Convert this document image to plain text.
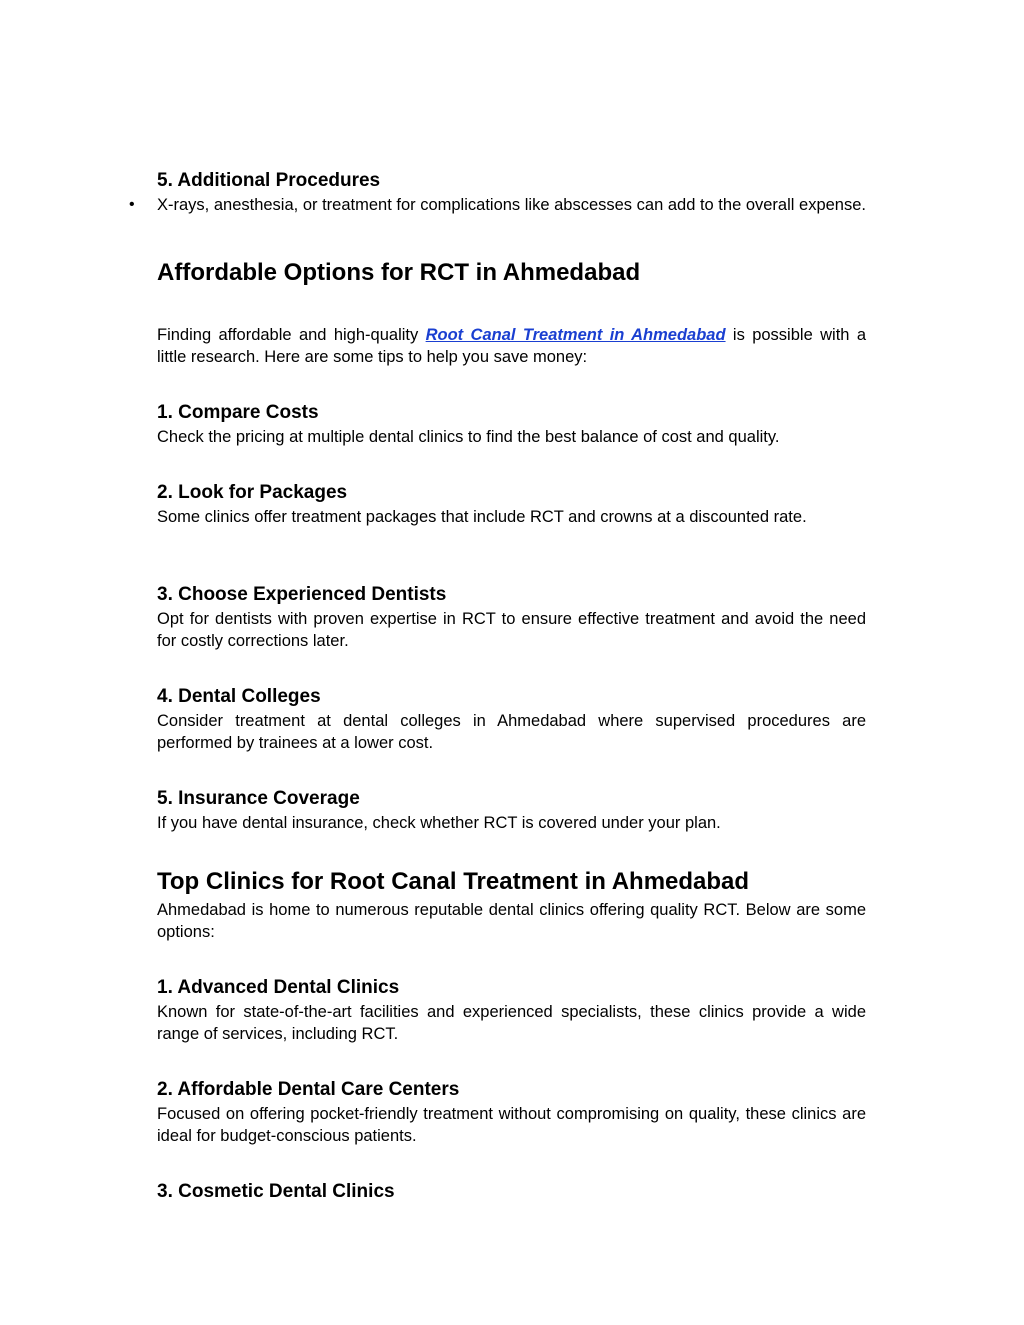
5. Additional Procedures
• X-rays, anesthesia, or treatment for complications like abscesses can add to the overall expense.
Affordable Options for RCT in Ahmedabad

Finding affordable and high-quality Root Canal Treatment in Ahmedabad is possible with a little research. Here are some tips to help you save money:

1. Compare Costs

Check the pricing at multiple dental clinics to find the best balance of cost and quality.

2. Look for Packages

Some clinics offer treatment packages that include RCT and crowns at a discounted rate.

3. Choose Experienced Dentists

Opt for dentists with proven expertise in RCT to ensure effective treatment and avoid the need for costly corrections later.

4. Dental Colleges

Consider treatment at dental colleges in Ahmedabad where supervised procedures are performed by trainees at a lower cost.

5. Insurance Coverage

If you have dental insurance, check whether RCT is covered under your plan.

Top Clinics for Root Canal Treatment in Ahmedabad

Ahmedabad is home to numerous reputable dental clinics offering quality RCT. Below are some options:

1. Advanced Dental Clinics

Known for state-of-the-art facilities and experienced specialists, these clinics provide a wide range of services, including RCT.

2. Affordable Dental Care Centers

Focused on offering pocket-friendly treatment without compromising on quality, these clinics are ideal for budget-conscious patients.

3. Cosmetic Dental Clinics
